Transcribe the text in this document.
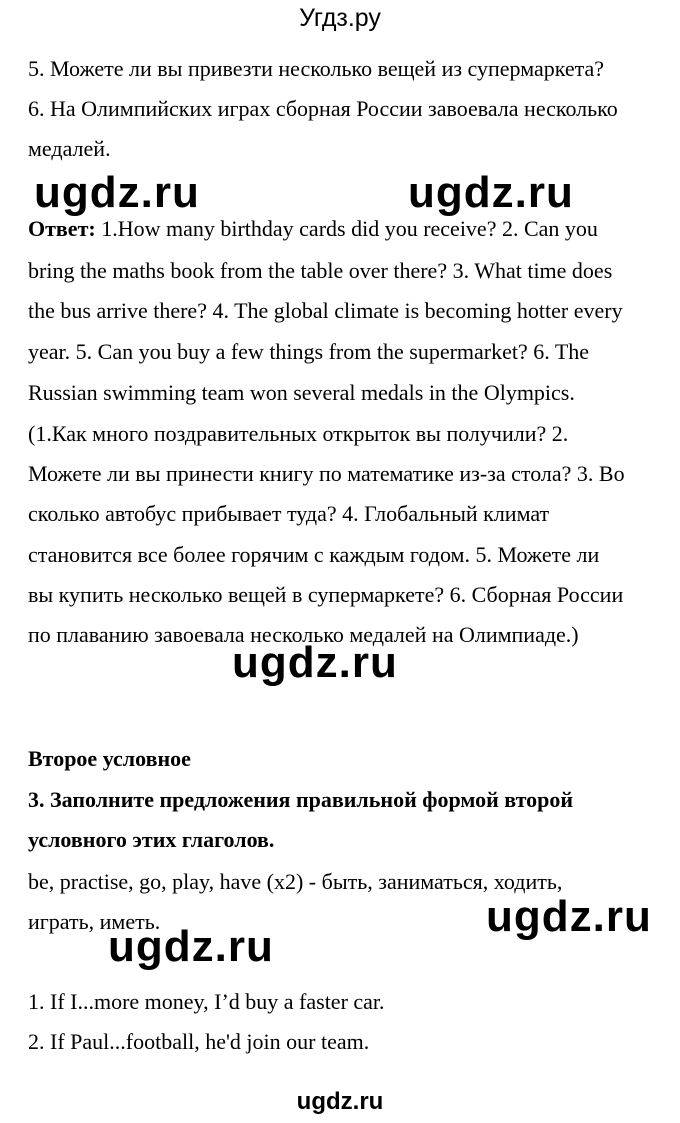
Угдз.ру
5. Можете ли вы привезти несколько вещей из супермаркета?
6. На Олимпийских играх сборная России завоевала несколько
медалей.
ugdz.ru	ugdz.ru
Ответ: 1.How many birthday cards did you receive? 2. Can you
bring the maths book from the table over there? 3. What time does
the bus arrive there? 4. The global climate is becoming hotter every
year. 5. Can you buy a few things from the supermarket? 6. The
Russian swimming team won several medals in the Olympics.
(1.Как много поздравительных открыток вы получили? 2.
Можете ли вы принести книгу по математике из-за стола? 3. Во
сколько автобус прибывает туда? 4. Глобальный климат
становится все более горячим с каждым годом. 5. Можете ли
вы купить несколько вещей в супермаркете? 6. Сборная России
по плаванию завоевала несколько медалей на Олимпиаде.)
ugdz.ru
Второе условное
3. Заполните предложения правильной формой второй
условного этих глаголов.
be, practise, go, play, have (x2) - быть, заниматься, ходить,
играть, иметь.	ugdz.ru
ugdz.ru
1. If I...more money, I’d buy a faster car.
2. If Paul...football, he'd join our team.
ugdz.ru
